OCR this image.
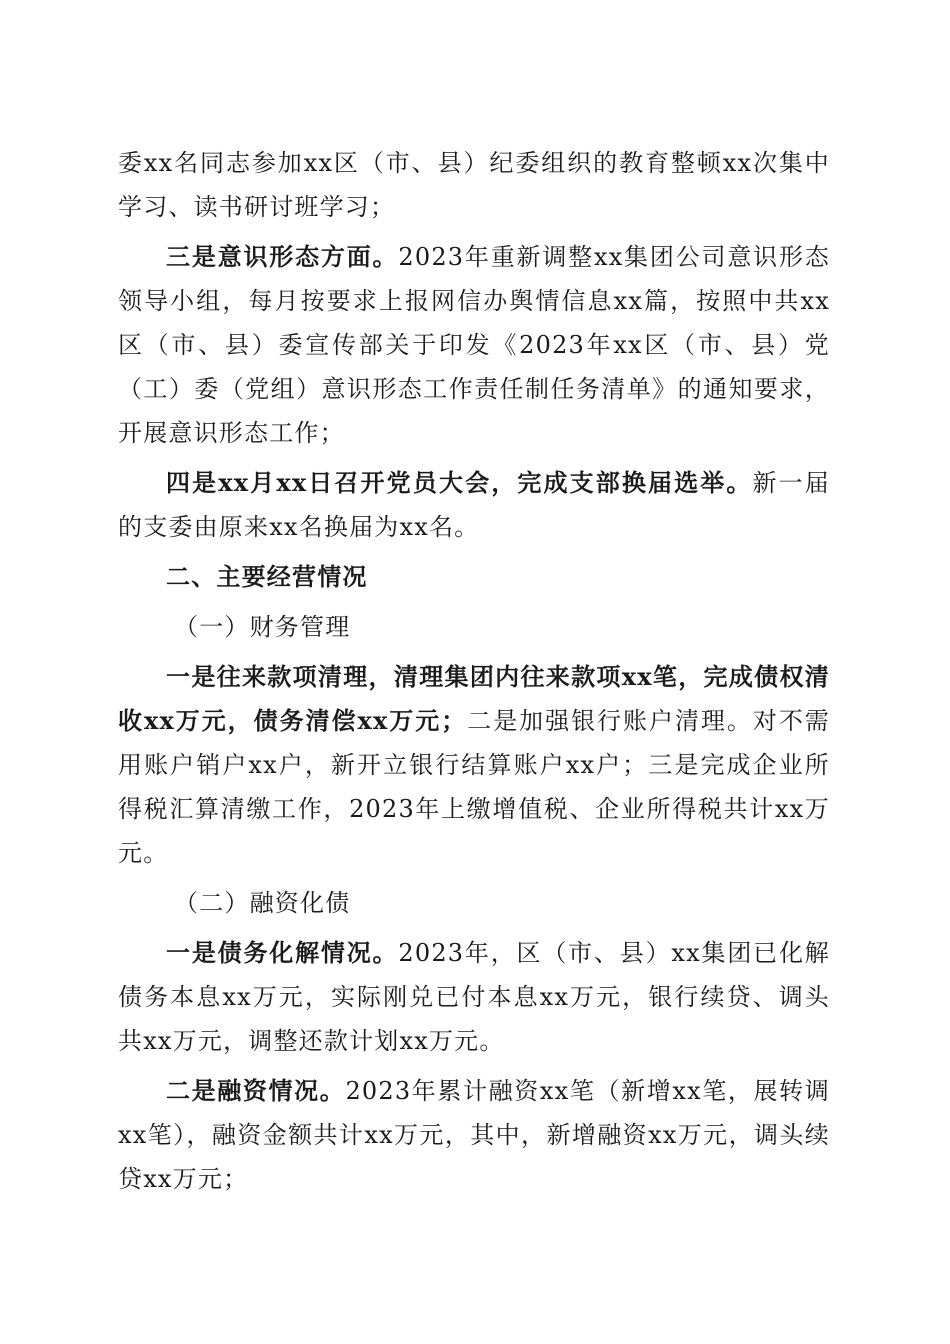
委xx名同志参加xx区（市、县）纪委组织的教育整顿xx次集中学习、读书研讨班学习；

三是意识形态方面。2023年重新调整xx集团公司意识形态领导小组，每月按要求上报网信办舆情信息xx篇，按照中共xx区（市、县）委宣传部关于印发《2023年xx区（市、县）党（工）委（党组）意识形态工作责任制任务清单》的通知要求，开展意识形态工作；

四是xx月xx日召开党员大会，完成支部换届选举。新一届的支委由原来xx名换届为xx名。

二、主要经营情况

（一）财务管理

一是往来款项清理，清理集团内往来款项xx笔，完成债权清收xx万元，债务清偿xx万元；二是加强银行账户清理。对不需用账户销户xx户，新开立银行结算账户xx户；三是完成企业所得税汇算清缴工作，2023年上缴增值税、企业所得税共计xx万元。

（二）融资化债

一是债务化解情况。2023年，区（市、县）xx集团已化解债务本息xx万元，实际刚兑已付本息xx万元，银行续贷、调头共xx万元，调整还款计划xx万元。

二是融资情况。2023年累计融资xx笔（新增xx笔，展转调xx笔），融资金额共计xx万元，其中，新增融资xx万元，调头续贷xx万元；
